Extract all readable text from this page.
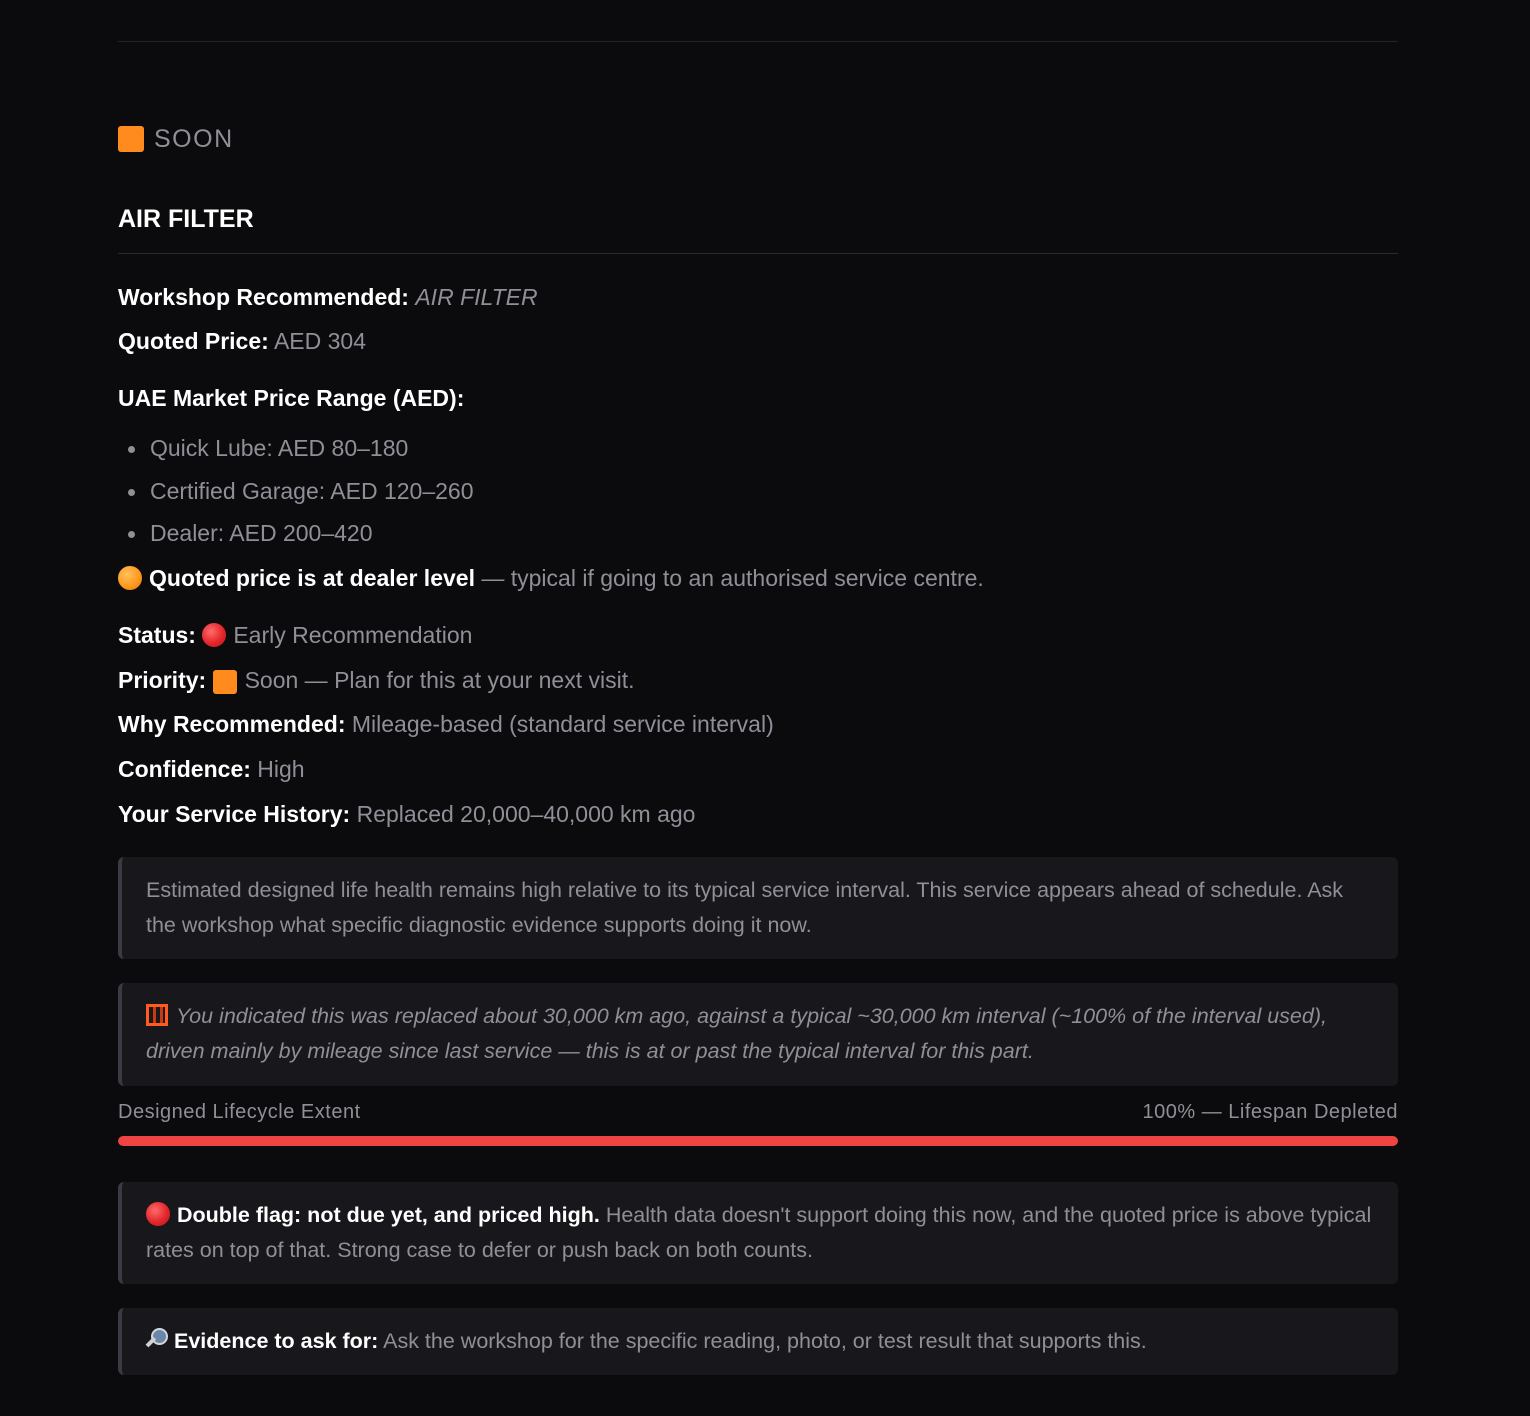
SOON
AIR FILTER
Workshop Recommended: AIR FILTER
Quoted Price: AED 304
UAE Market Price Range (AED):
Quick Lube: AED 80–180
Certified Garage: AED 120–260
Dealer: AED 200–420
Quoted price is at dealer level — typical if going to an authorised service centre.
Status: Early Recommendation
Priority: Soon — Plan for this at your next visit.
Why Recommended: Mileage-based (standard service interval)
Confidence: High
Your Service History: Replaced 20,000–40,000 km ago
Estimated designed life health remains high relative to its typical service interval. This service appears ahead of schedule. Ask the workshop what specific diagnostic evidence supports doing it now.
You indicated this was replaced about 30,000 km ago, against a typical ~30,000 km interval (~100% of the interval used), driven mainly by mileage since last service — this is at or past the typical interval for this part.
Designed Lifecycle Extent	100% — Lifespan Depleted
Double flag: not due yet, and priced high. Health data doesn't support doing this now, and the quoted price is above typical rates on top of that. Strong case to defer or push back on both counts.
Evidence to ask for: Ask the workshop for the specific reading, photo, or test result that supports this.
